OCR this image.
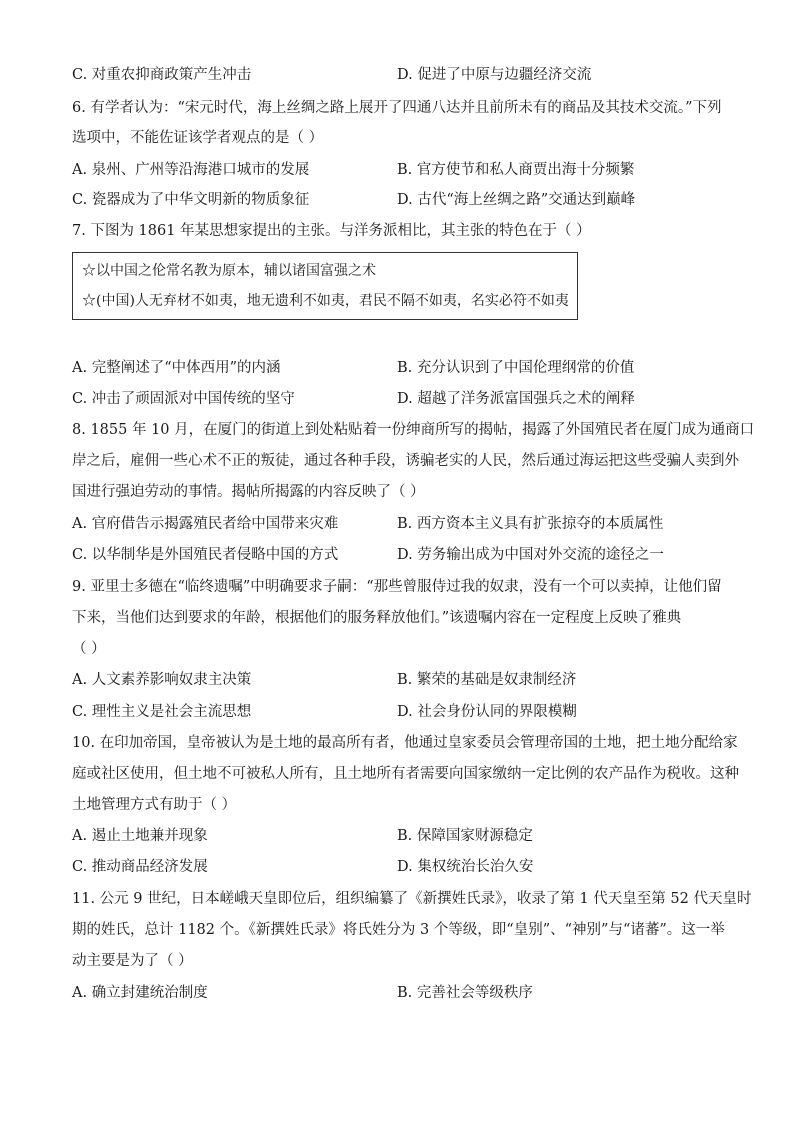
C. 对重农抑商政策产生冲击	D. 促进了中原与边疆经济交流
6. 有学者认为：“宋元时代，海上丝绸之路上展开了四通八达并且前所未有的商品及其技术交流。”下列
选项中，不能佐证该学者观点的是（ ）
A. 泉州、广州等沿海港口城市的发展	B. 官方使节和私人商贾出海十分频繁
C. 瓷器成为了中华文明新的物质象征	D. 古代“海上丝绸之路”交通达到巅峰
7. 下图为 1861 年某思想家提出的主张。与洋务派相比，其主张的特色在于（ ）
☆以中国之伦常名教为原本，辅以诸国富强之术
☆(中国)人无弃材不如夷，地无遗利不如夷，君民不隔不如夷，名实必符不如夷
A. 完整阐述了“中体西用”的内涵	B. 充分认识到了中国伦理纲常的价值
C. 冲击了顽固派对中国传统的坚守	D. 超越了洋务派富国强兵之术的阐释
8. 1855 年 10 月，在厦门的街道上到处粘贴着一份绅商所写的揭帖，揭露了外国殖民者在厦门成为通商口
岸之后，雇佣一些心术不正的叛徒，通过各种手段，诱骗老实的人民，然后通过海运把这些受骗人卖到外
国进行强迫劳动的事情。揭帖所揭露的内容反映了（ ）
A. 官府借告示揭露殖民者给中国带来灾难	B. 西方资本主义具有扩张掠夺的本质属性
C. 以华制华是外国殖民者侵略中国的方式	D. 劳务输出成为中国对外交流的途径之一
9. 亚里士多德在“临终遗嘱”中明确要求子嗣：“那些曾服侍过我的奴隶，没有一个可以卖掉，让他们留
下来，当他们达到要求的年龄，根据他们的服务释放他们。”该遗嘱内容在一定程度上反映了雅典
（ ）
A. 人文素养影响奴隶主决策	B. 繁荣的基础是奴隶制经济
C. 理性主义是社会主流思想	D. 社会身份认同的界限模糊
10. 在印加帝国，皇帝被认为是土地的最高所有者，他通过皇家委员会管理帝国的土地，把土地分配给家
庭或社区使用，但土地不可被私人所有，且土地所有者需要向国家缴纳一定比例的农产品作为税收。这种
土地管理方式有助于（ ）
A. 遏止土地兼并现象	B. 保障国家财源稳定
C. 推动商品经济发展	D. 集权统治长治久安
11. 公元 9 世纪，日本嵯峨天皇即位后，组织编纂了《新撰姓氏录》，收录了第 1 代天皇至第 52 代天皇时
期的姓氏，总计 1182 个。《新撰姓氏录》将氏姓分为 3 个等级，即“皇别”、“神别”与“诸蕃”。这一举
动主要是为了（ ）
A. 确立封建统治制度	B. 完善社会等级秩序
